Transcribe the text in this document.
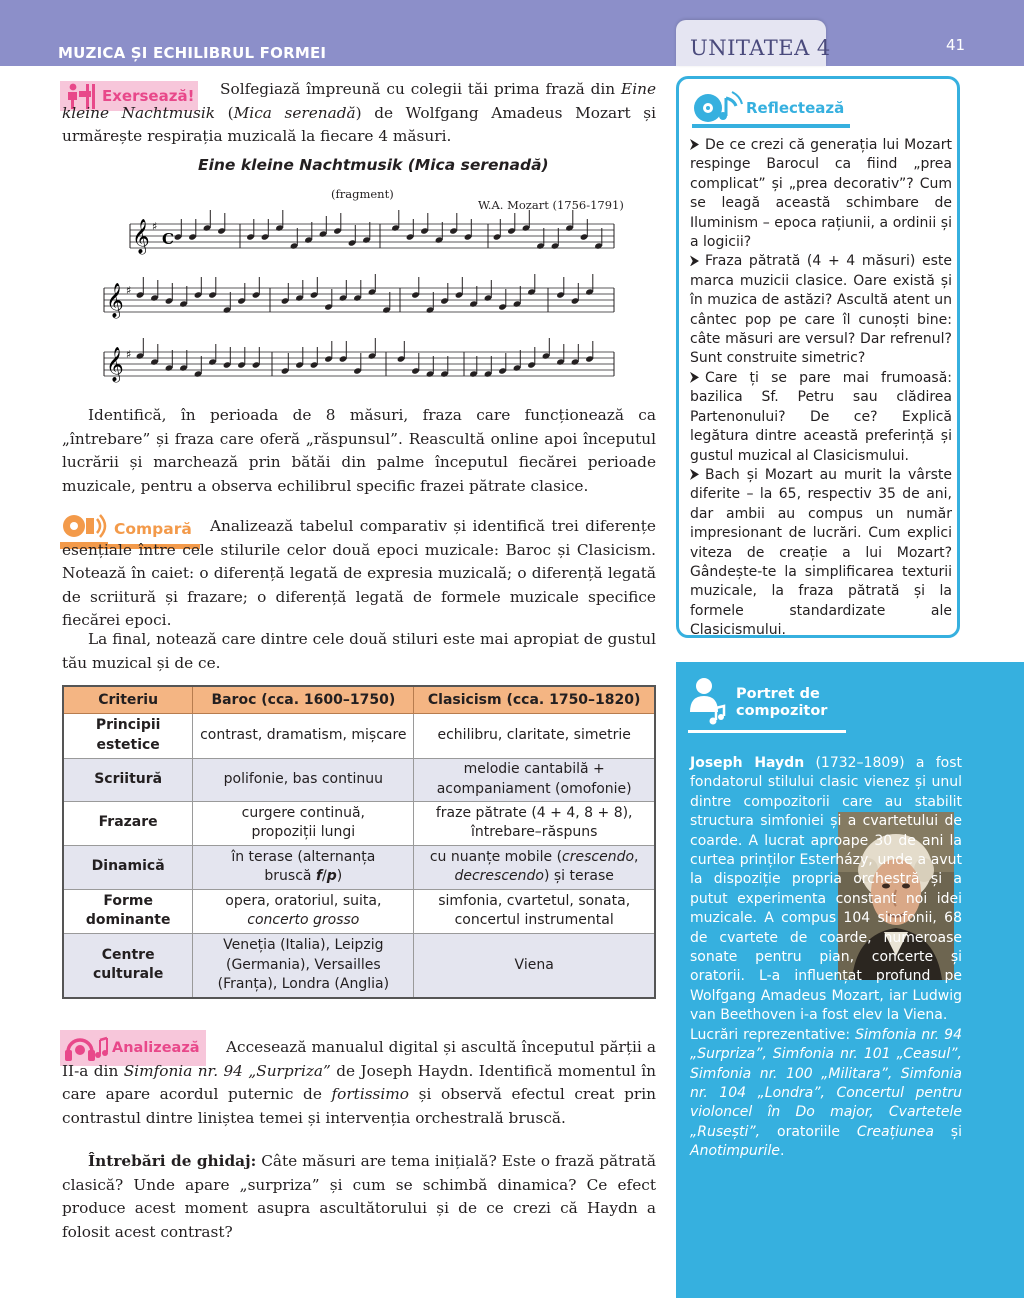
MUZICA ȘI ECHILIBRUL FORMEI	UNITATEA 4	41
Exersează!	Solfegiază împreună cu colegii tăi prima frază din Eine kleine Nachtmusik (Mica serenadă) de Wolfgang Amadeus Mozart și urmărește respirația muzicală la fiecare 4 măsuri.
Eine kleine Nachtmusik (Mica serenadă)
(fragment)
W.A. Mozart (1756-1791)
𝄞 ♯
C
𝄞 ♯
𝄞 ♯
Identifică, în perioada de 8 măsuri, fraza care funcționează ca „întrebare” și fraza care oferă „răspunsul”. Reascultă online apoi începutul lucrării și marchează prin bătăi din palme începutul fiecărei perioade muzicale, pentru a observa echilibrul specific frazei pătrate clasice.
Compară	Analizează tabelul comparativ și identifică trei diferențe esențiale între cele stilurile celor două epoci muzicale: Baroc și Clasicism. Notează în caiet: o diferență legată de expresia muzicală; o diferență legată de scriitură și frazare; o diferență legată de formele muzicale specifice fiecărei epoci.
La final, notează care dintre cele două stiluri este mai apropiat de gustul tău muzical și de ce.
Criteriu	Baroc (cca. 1600–1750)	Clasicism (cca. 1750–1820)
Principii estetice	contrast, dramatism, mișcare	echilibru, claritate, simetrie
Scriitură	polifonie, bas continuu	melodie cantabilă + acompaniament (omofonie)
Frazare	curgere continuă, propoziții lungi	fraze pătrate (4 + 4, 8 + 8), întrebare–răspuns
Dinamică	în terase (alternanța bruscă f/p)	cu nuanțe mobile (crescendo, decrescendo) și terase
Forme dominante	opera, oratoriul, suita, concerto grosso	simfonia, cvartetul, sonata, concertul instrumental
Centre culturale	Veneția (Italia), Leipzig (Germania), Versailles (Franța), Londra (Anglia)	Viena
Analizează	Accesează manualul digital și ascultă începutul părții a II-a din Simfonia nr. 94 „Surpriza” de Joseph Haydn. Identifică momentul în care apare acordul puternic de fortissimo și observă efectul creat prin contrastul dintre liniștea temei și intervenția orchestrală bruscă.
Întrebări de ghidaj: Câte măsuri are tema inițială? Este o frază pătrată clasică? Unde apare „surpriza” și cum se schimbă dinamica? Ce efect produce acest moment asupra ascultătorului și de ce crezi că Haydn a folosit acest contrast?
Reflectează

De ce crezi că generația lui Mozart respinge Barocul ca fiind „prea complicat” și „prea decorativ”? Cum se leagă această schimbare de Iluminism – epoca rațiunii, a ordinii și a logicii?

Fraza pătrată (4 + 4 măsuri) este marca muzicii clasice. Oare există și în muzica de astăzi? Ascultă atent un cântec pop pe care îl cunoști bine: câte măsuri are versul? Dar refrenul? Sunt construite simetric?

Care ți se pare mai frumoasă: bazilica Sf. Petru sau clădirea Partenonului? De ce? Explică legătura dintre această preferință și gustul muzical al Clasicismului.

Bach și Mozart au murit la vârste diferite – la 65, respectiv 35 de ani, dar ambii au compus un număr impresionant de lucrări. Cum explici viteza de creație a lui Mozart? Gândește-te la simplificarea texturii muzicale, la fraza pătrată și la formele standardizate ale Clasicismului.

Portret de
compozitor
Joseph Haydn (1732–1809) a fost fondatorul stilului clasic vienez și unul dintre compozitorii care au stabilit structura simfoniei și a cvartetului de coarde. A lucrat aproape 30 de ani la curtea prinților Esterházy, unde a avut la dispoziție propria orchestră și a putut experimenta constant noi idei muzicale. A compus 104 simfonii, 68 de cvartete de coarde, numeroase sonate pentru pian, concerte și oratorii. L-a influențat profund pe Wolfgang Amadeus Mozart, iar Ludwig van Beethoven i-a fost elev la Viena.
Lucrări reprezentative: Simfonia nr. 94 „Surpriza”, Simfonia nr. 101 „Ceasul”, Simfonia nr. 100 „Militara”, Simfonia nr. 104 „Londra”, Concertul pentru violoncel în Do major, Cvartetele „Rusești”, oratoriile Creațiunea și Anotimpurile.
